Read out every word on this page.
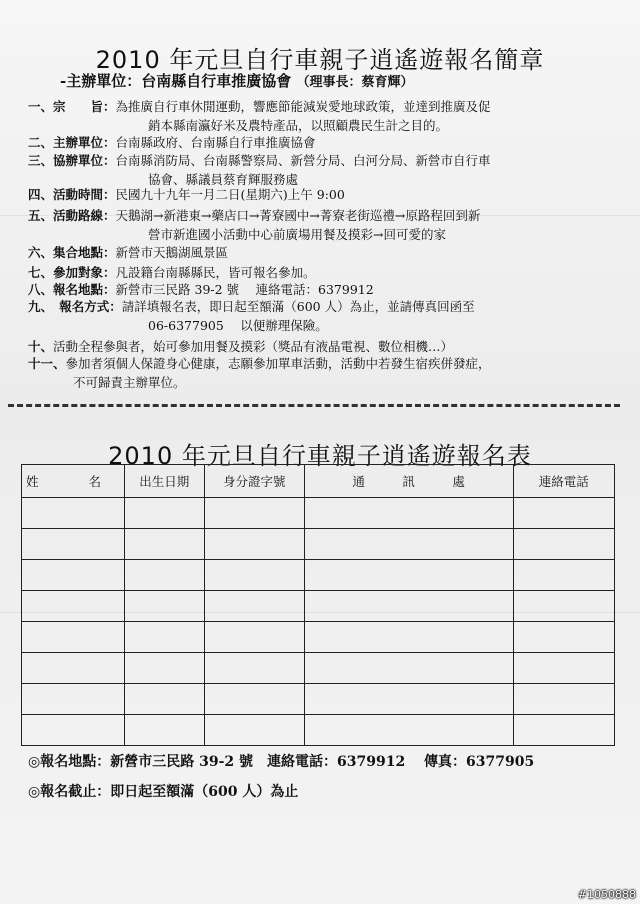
2010 年元旦自行車親子逍遙遊報名簡章
-主辦單位：台南縣自行車推廣協會 （理事長：蔡育輝）
一、宗　　旨：為推廣自行車休閒運動，響應節能減炭愛地球政策，並達到推廣及促
銷本縣南瀛好米及農特產品，以照顧農民生計之目的。
二、主辦單位：台南縣政府、台南縣自行車推廣協會
三、協辦單位：台南縣消防局、台南縣警察局、新營分局、白河分局、新營市自行車
協會、縣議員蔡育輝服務處
四、活動時間：民國九十九年一月二日(星期六)上午 9:00
五、活動路線：天鵝湖→新港東→藥店口→菁寮國中→菁寮老街巡禮→原路程回到新
營市新進國小活動中心前廣場用餐及摸彩→回可愛的家
六、集合地點：新營市天鵝湖風景區
七、參加對象：凡設籍台南縣縣民，皆可報名參加。
八、報名地點：新營市三民路 39-2 號　 連絡電話：6379912
九、　報名方式：請詳填報名表，即日起至額滿（600 人）為止，並請傳真回函至
06-6377905　 以便辦理保險。
十、活動全程參與者，始可參加用餐及摸彩（獎品有液晶電視、數位相機…）
十一、參加者須個人保證身心健康，志願參加單車活動，活動中若發生宿疾併發症，
不可歸責主辦單位。
2010 年元旦自行車親子逍遙遊報名表
姓　　　　名	出生日期	身分證字號	通　　　訊　　　處	連絡電話

◎報名地點：新營市三民路 39-2 號　連絡電話：6379912　 傳真：6377905
◎報名截止：即日起至額滿（600 人）為止
#1050888
